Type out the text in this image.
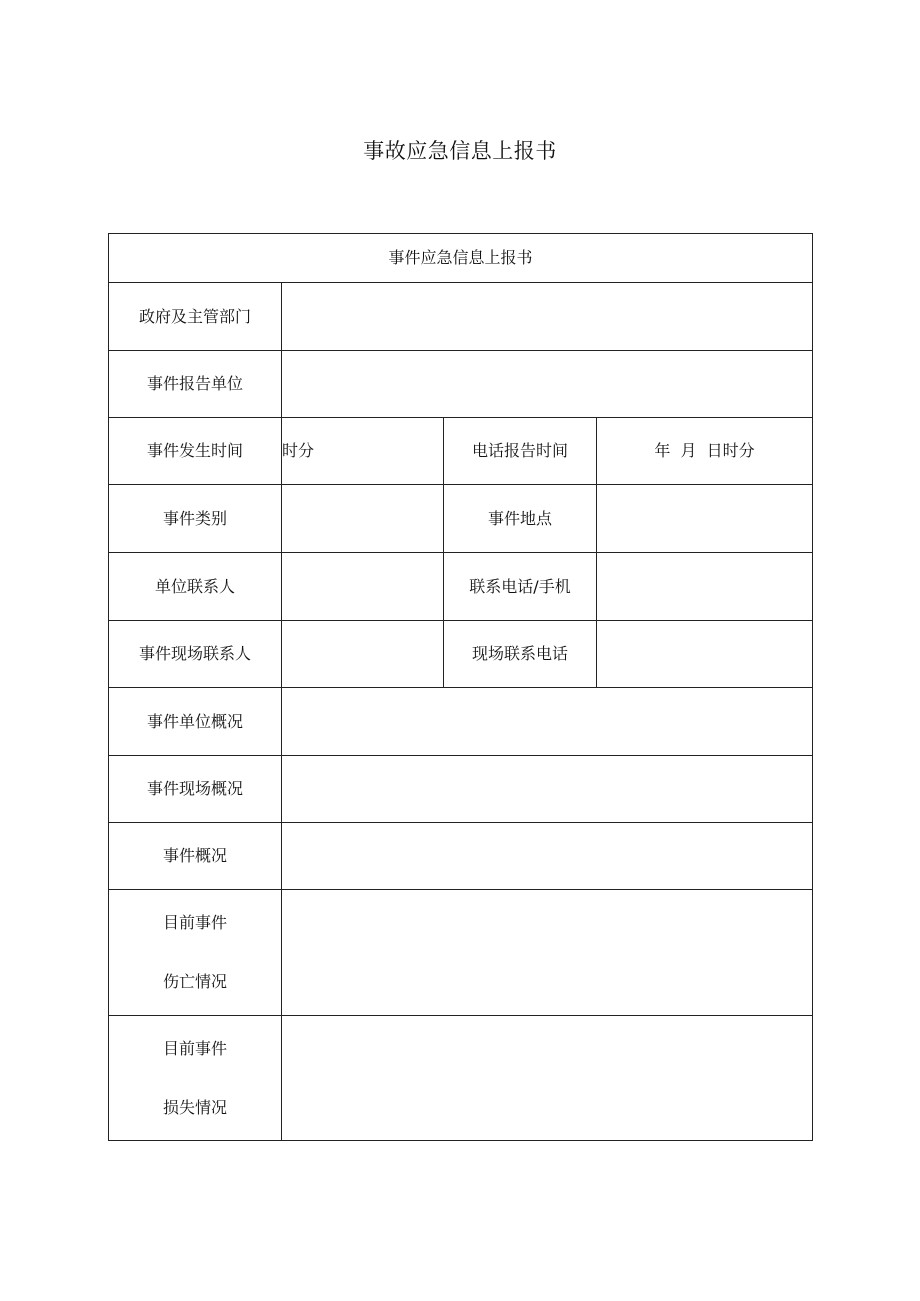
事故应急信息上报书
事件应急信息上报书			
政府及主管部门			
事件报告单位			
事件发生时间	时分	电话报告时间	年  月  日时分
事件类别		事件地点	
单位联系人		联系电话/手机	
事件现场联系人		现场联系电话	
事件单位概况			
事件现场概况			
事件概况			

目前事件
伤亡情况			

目前事件
损失情况			
